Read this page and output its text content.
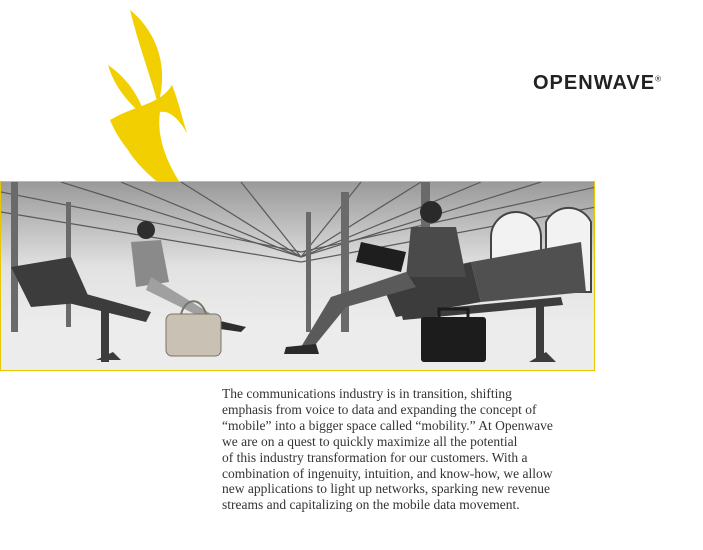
OPENWAVE®
The communications industry is in transition, shifting
emphasis from voice to data and expanding the concept of
“mobile” into a bigger space called “mobility.” At Openwave
we are on a quest to quickly maximize all the potential
of this industry transformation for our customers. With a
combination of ingenuity, intuition, and know-how, we allow
new applications to light up networks, sparking new revenue
streams and capitalizing on the mobile data movement.
